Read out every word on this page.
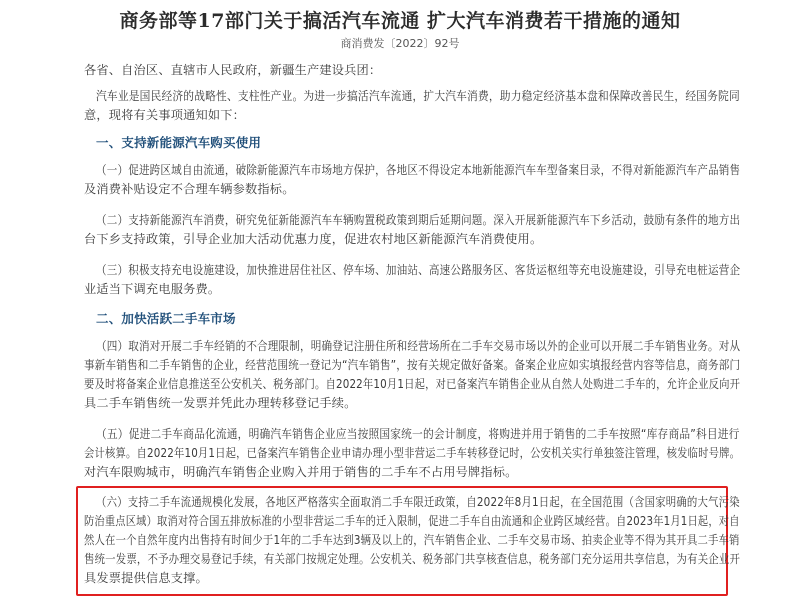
商务部等17部门关于搞活汽车流通 扩大汽车消费若干措施的通知
商消费发〔2022〕92号
各省、自治区、直辖市人民政府，新疆生产建设兵团：
汽车业是国民经济的战略性、支柱性产业。为进一步搞活汽车流通，扩大汽车消费，助力稳定经济基本盘和保障改善民生，经国务院同
意，现将有关事项通知如下：
一、支持新能源汽车购买使用
（一）促进跨区域自由流通，破除新能源汽车市场地方保护，各地区不得设定本地新能源汽车车型备案目录，不得对新能源汽车产品销售
及消费补贴设定不合理车辆参数指标。
（二）支持新能源汽车消费，研究免征新能源汽车车辆购置税政策到期后延期问题。深入开展新能源汽车下乡活动，鼓励有条件的地方出
台下乡支持政策，引导企业加大活动优惠力度，促进农村地区新能源汽车消费使用。
（三）积极支持充电设施建设，加快推进居住社区、停车场、加油站、高速公路服务区、客货运枢纽等充电设施建设，引导充电桩运营企
业适当下调充电服务费。
二、加快活跃二手车市场
（四）取消对开展二手车经销的不合理限制，明确登记注册住所和经营场所在二手车交易市场以外的企业可以开展二手车销售业务。对从
事新车销售和二手车销售的企业，经营范围统一登记为“汽车销售”，按有关规定做好备案。备案企业应如实填报经营内容等信息，商务部门
要及时将备案企业信息推送至公安机关、税务部门。自2022年10月1日起，对已备案汽车销售企业从自然人处购进二手车的，允许企业反向开
具二手车销售统一发票并凭此办理转移登记手续。
（五）促进二手车商品化流通，明确汽车销售企业应当按照国家统一的会计制度，将购进并用于销售的二手车按照“库存商品”科目进行
会计核算。自2022年10月1日起，已备案汽车销售企业申请办理小型非营运二手车转移登记时，公安机关实行单独签注管理，核发临时号牌。
对汽车限购城市，明确汽车销售企业购入并用于销售的二手车不占用号牌指标。
（六）支持二手车流通规模化发展，各地区严格落实全面取消二手车限迁政策，自2022年8月1日起，在全国范围（含国家明确的大气污染
防治重点区域）取消对符合国五排放标准的小型非营运二手车的迁入限制，促进二手车自由流通和企业跨区域经营。自2023年1月1日起，对自
然人在一个自然年度内出售持有时间少于1年的二手车达到3辆及以上的，汽车销售企业、二手车交易市场、拍卖企业等不得为其开具二手车销
售统一发票，不予办理交易登记手续，有关部门按规定处理。公安机关、税务部门共享核查信息，税务部门充分运用共享信息，为有关企业开
具发票提供信息支撑。
